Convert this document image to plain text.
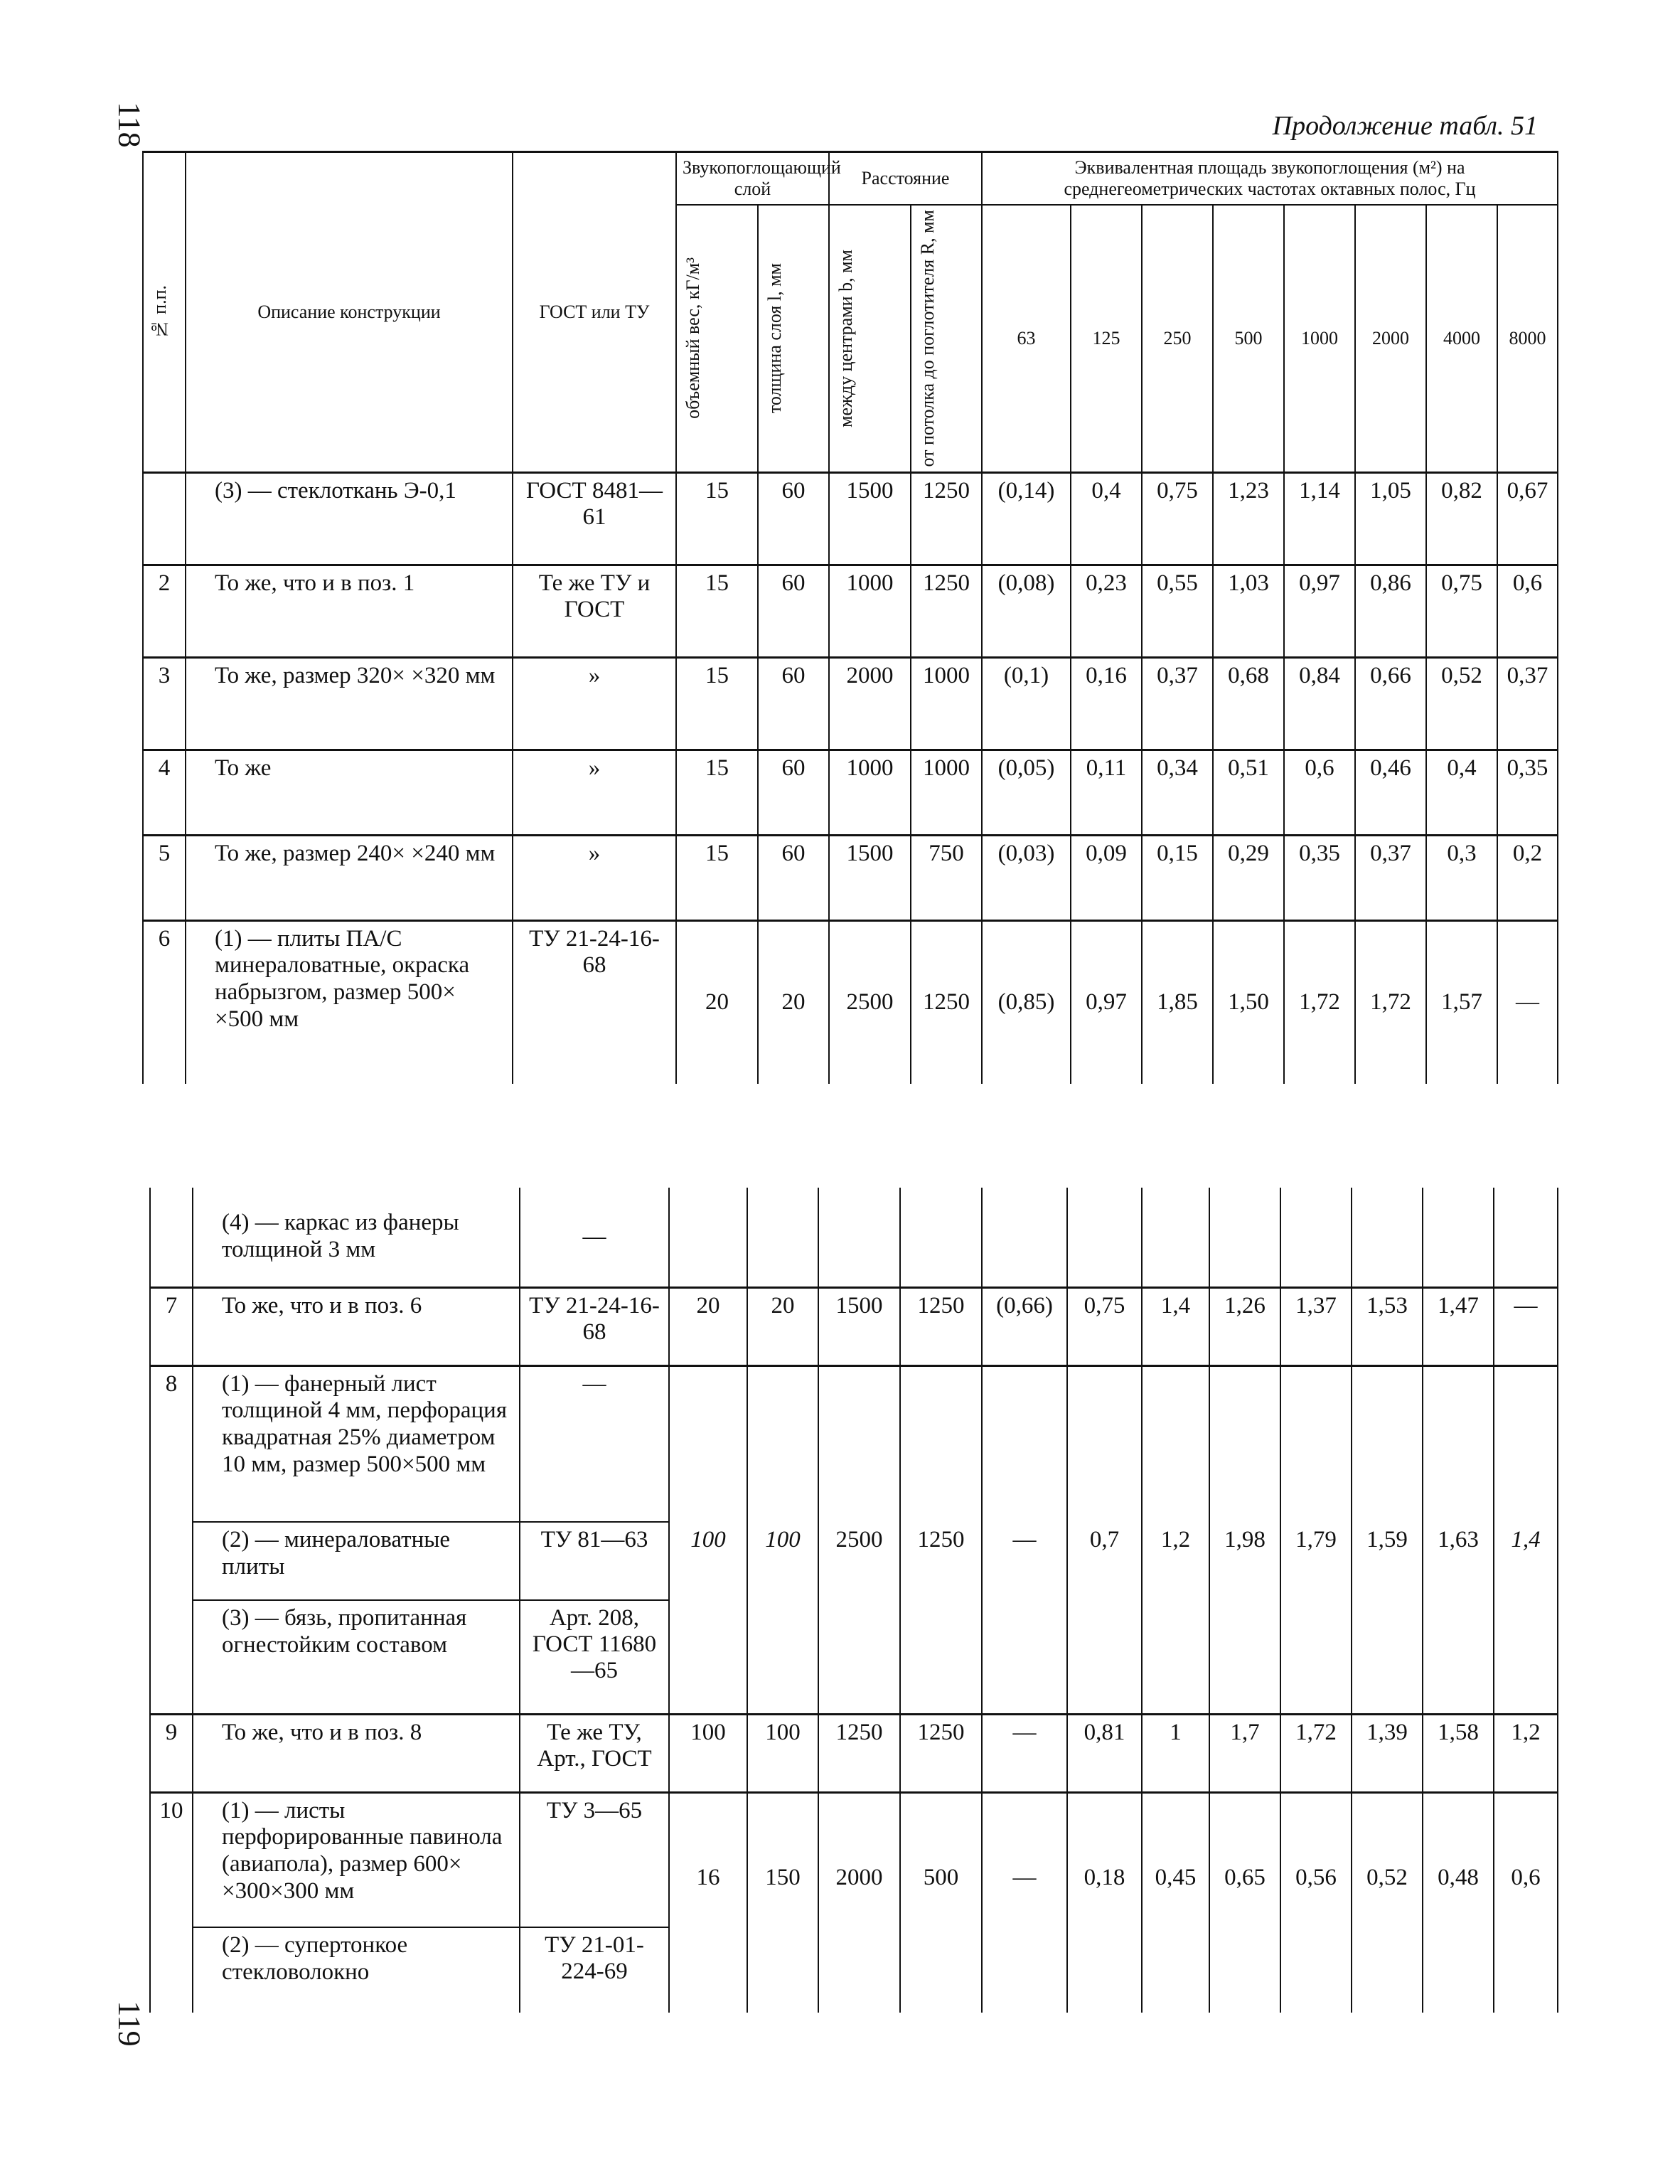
118
119
Продолжение табл. 51
№ п.п.	Описание конструкции	ГОСТ или ТУ	Звукопоглощающий слой		Расстояние		Эквивалентная площадь звукопоглощения (м²) на среднегеометрических частотах октавных полос, Гц							

			объемный вес, кГ/м³	толщина слоя l, мм	между центрами b, мм	от потолка до поглотителя R, мм	63	125	250	500	1000	2000	4000	8000
	(3) — стеклоткань Э-0,1	ГОСТ 8481—61	15	60	1500	1250	(0,14)	0,4	0,75	1,23	1,14	1,05	0,82	0,67
2	То же, что и в поз. 1	Те же ТУ и ГОСТ	15	60	1000	1250	(0,08)	0,23	0,55	1,03	0,97	0,86	0,75	0,6
3	То же, размер 320× ×320 мм	»	15	60	2000	1000	(0,1)	0,16	0,37	0,68	0,84	0,66	0,52	0,37
4	То же	»	15	60	1000	1000	(0,05)	0,11	0,34	0,51	0,6	0,46	0,4	0,35
5	То же, размер 240× ×240 мм	»	15	60	1500	750	(0,03)	0,09	0,15	0,29	0,35	0,37	0,3	0,2
6	(1) — плиты ПА/С минераловатные, окраска набрызгом, размер 500× ×500 мм	ТУ 21-24-16-68	20	20	2500	1250	(0,85)	0,97	1,85	1,50	1,72	1,72	1,57	—
	(4) — каркас из фанеры толщиной 3 мм	—												
7	То же, что и в поз. 6	ТУ 21-24-16-68	20	20	1500	1250	(0,66)	0,75	1,4	1,26	1,37	1,53	1,47	—
8	(1) — фанерный лист толщиной 4 мм, перфорация квадратная 25% диаметром 10 мм, размер 500×500 мм	—	100	100	2500	1250	—	0,7	1,2	1,98	1,79	1,59	1,63	1,4
	(2) — минераловатные плиты	ТУ 81—63												
	(3) — бязь, пропитанная огнестойким составом	Арт. 208, ГОСТ 11680—65												
9	То же, что и в поз. 8	Те же ТУ, Арт., ГОСТ	100	100	1250	1250	—	0,81	1	1,7	1,72	1,39	1,58	1,2
10	(1) — листы перфорированные павинола (авиапола), размер 600× ×300×300 мм	ТУ 3—65	16	150	2000	500	—	0,18	0,45	0,65	0,56	0,52	0,48	0,6
	(2) — супертонкое стекловолокно	ТУ 21-01-224-69												
